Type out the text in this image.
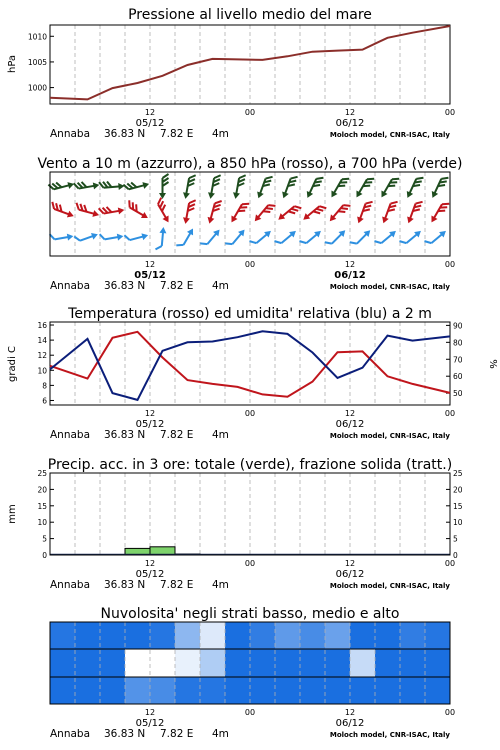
Pressione al livello medio del mare
hPa
1000
1005
1010
12	00	12	00
05/12	06/12
Annaba 36.83 N 7.82 E 4m	Moloch model, CNR-ISAC, Italy
Vento a 10 m (azzurro), a 850 hPa (rosso), a 700 hPa (verde)
12	00	12	00
05/12	06/12
Annaba 36.83 N 7.82 E 4m	Moloch model, CNR-ISAC, Italy
Temperatura (rosso) ed umidita' relativa (blu) a 2 m
gradi C	%
6
8
10
12
14
16
50
60
70
80
90
12	00	12	00
05/12	06/12
Annaba 36.83 N 7.82 E 4m	Moloch model, CNR-ISAC, Italy
Precip. acc. in 3 ore: totale (verde), frazione solida (tratt.)
mm
0
5
10
15
20
25
0
5
10
15
20
25
12	00	12	00
05/12	06/12
Annaba 36.83 N 7.82 E 4m	Moloch model, CNR-ISAC, Italy
Nuvolosita' negli strati basso, medio e alto
12	00	12	00
05/12	06/12
Annaba 36.83 N 7.82 E 4m	Moloch model, CNR-ISAC, Italy
